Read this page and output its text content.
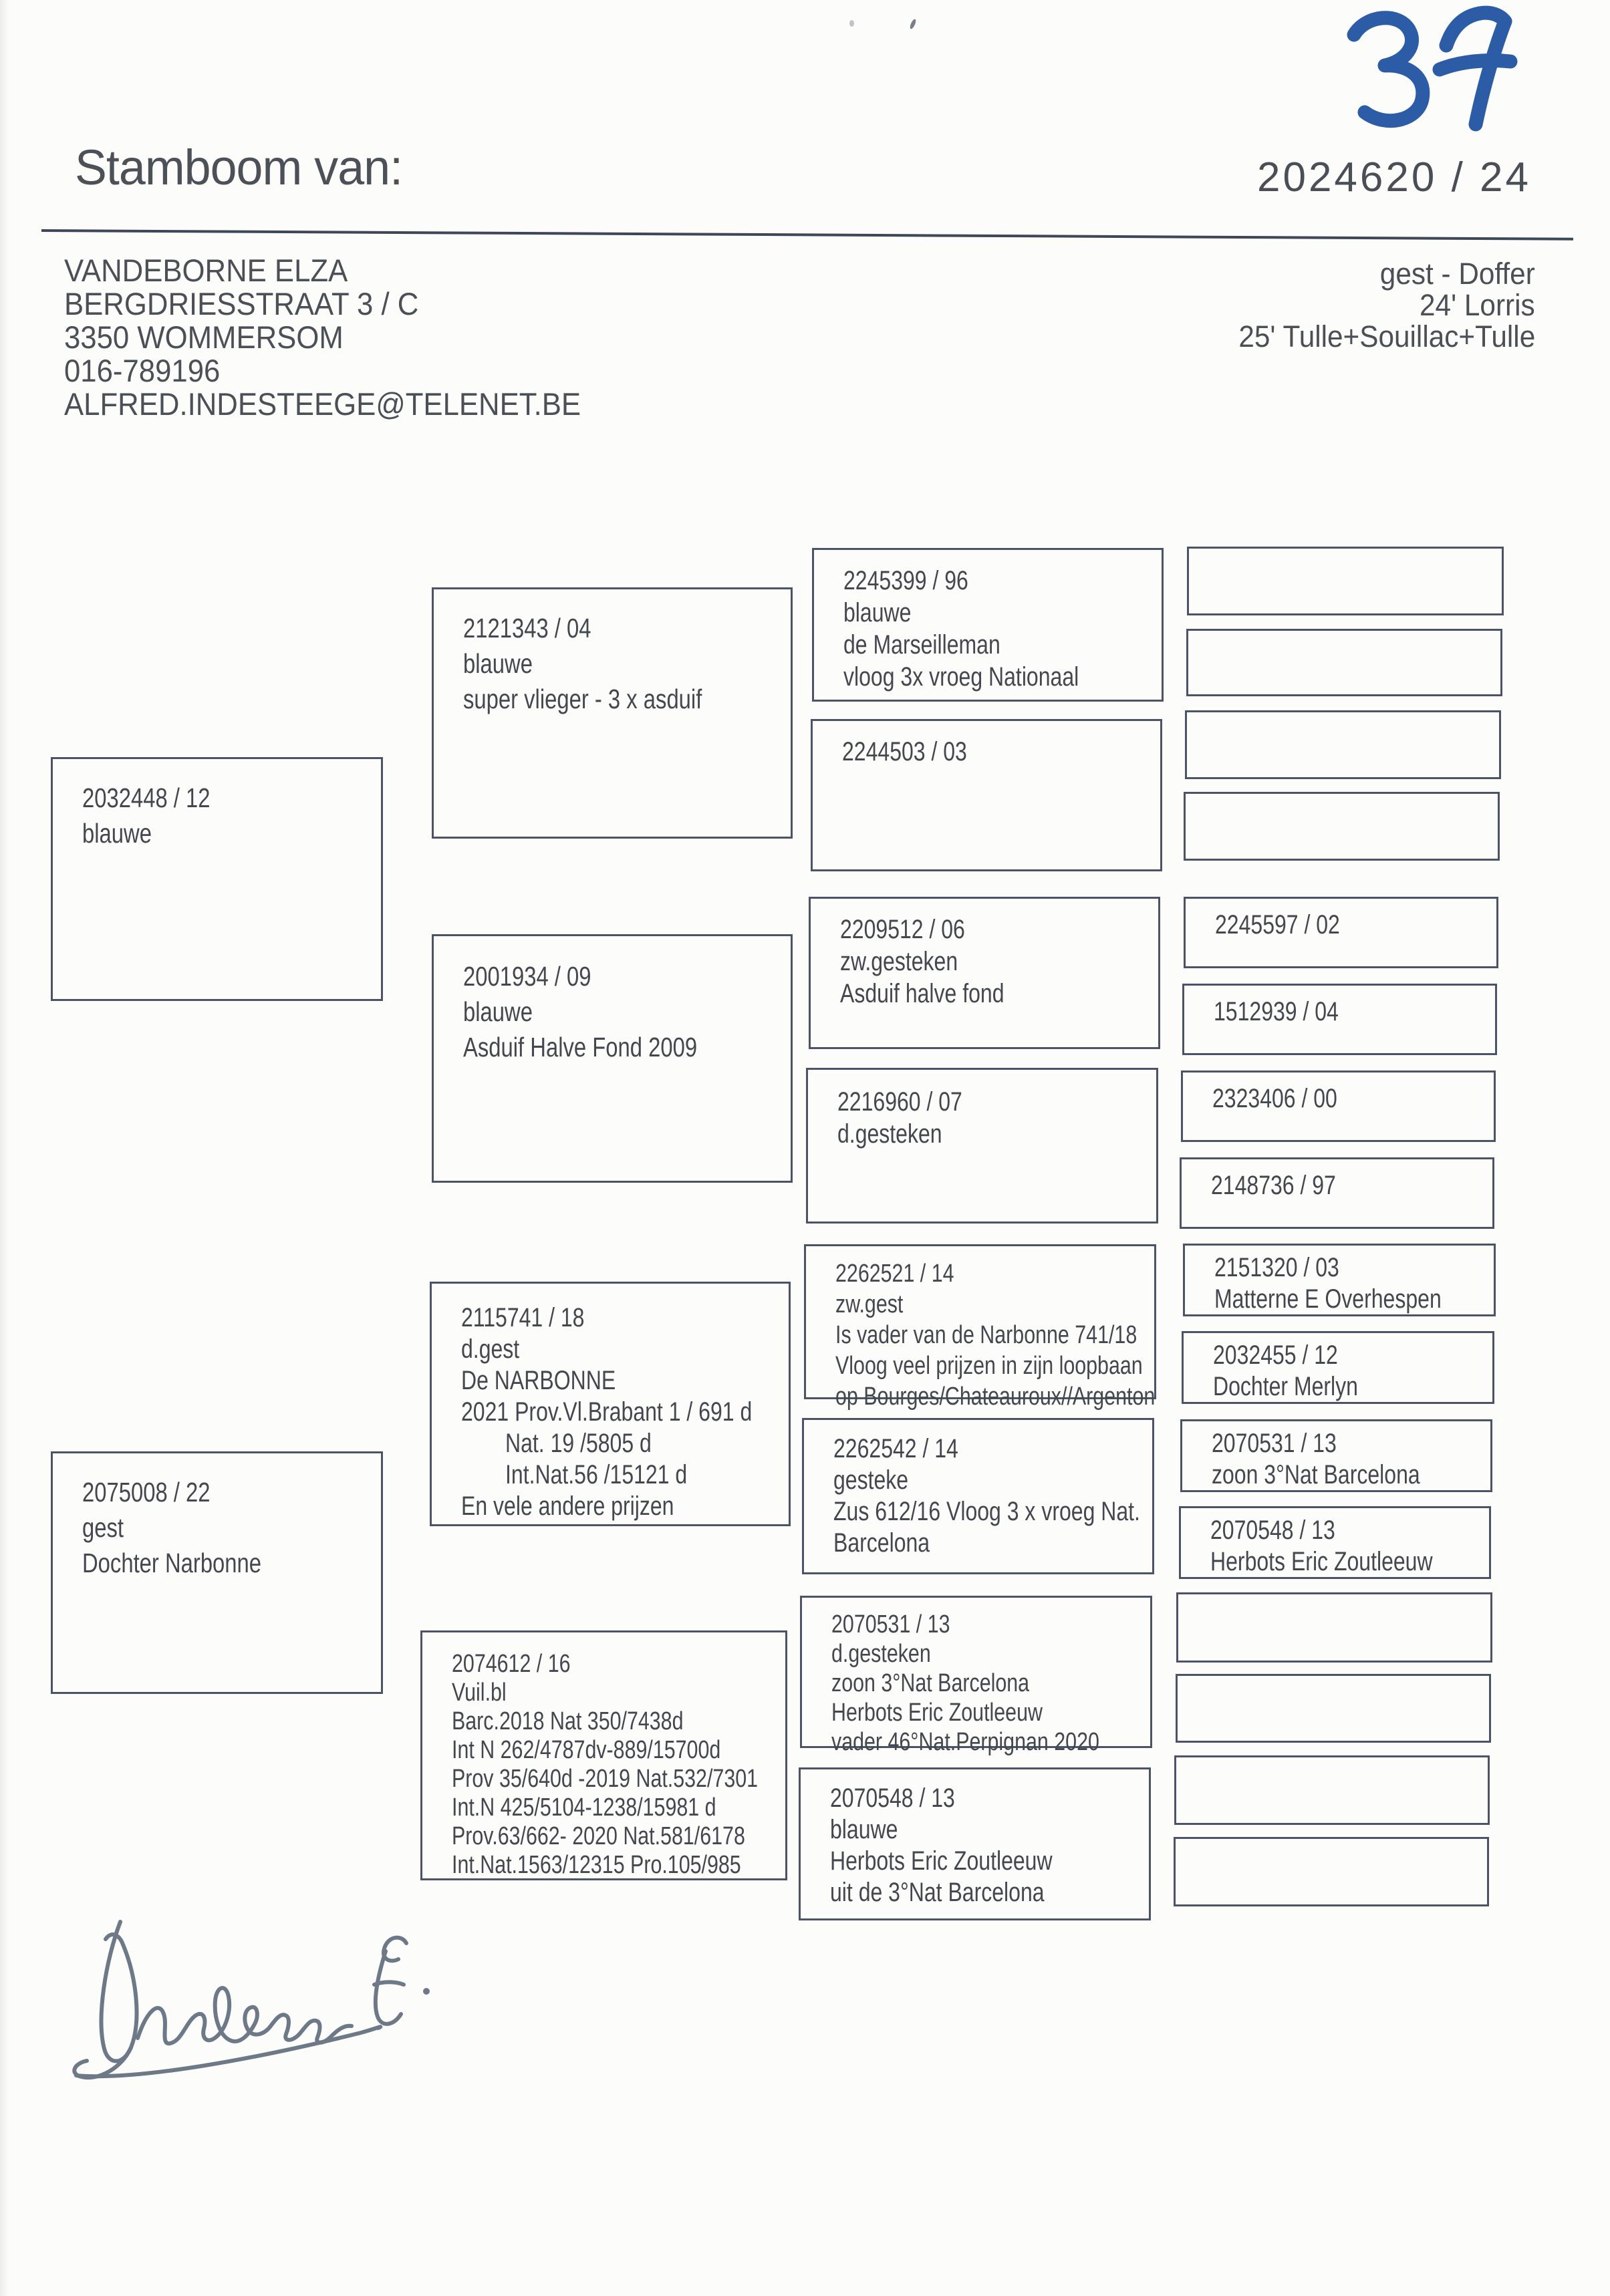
Stamboom van:	2024620 / 24
VANDEBORNE ELZA
BERGDRIESSTRAAT 3 / C
3350 WOMMERSOM
016-789196
ALFRED.INDESTEEGE@TELENET.BE
gest - Doffer
24' Lorris
25' Tulle+Souillac+Tulle
2032448 / 12
blauwe
2075008 / 22
gest
Dochter Narbonne
2121343 / 04
blauwe
super vlieger - 3 x asduif
2001934 / 09
blauwe
Asduif Halve Fond 2009
2115741 / 18
d.gest
De NARBONNE
2021 Prov.Vl.Brabant 1 / 691 d
Nat. 19 /5805 d
Int.Nat.56 /15121 d
En vele andere prijzen
2074612 / 16
Vuil.bl
Barc.2018 Nat 350/7438d
Int N 262/4787dv-889/15700d
Prov 35/640d -2019 Nat.532/7301
Int.N 425/5104-1238/15981 d
Prov.63/662- 2020 Nat.581/6178
Int.Nat.1563/12315 Pro.105/985
2245399 / 96
blauwe
de Marseilleman
vloog 3x vroeg Nationaal
2244503 / 03
2209512 / 06
zw.gesteken
Asduif halve fond
2216960 / 07
d.gesteken
2262521 / 14
zw.gest
Is vader van de Narbonne 741/18
Vloog veel prijzen in zijn loopbaan
op Bourges/Chateauroux//Argenton
2262542 / 14
gesteke
Zus 612/16 Vloog 3 x vroeg Nat.
Barcelona
2070531 / 13
d.gesteken
zoon 3°Nat Barcelona
Herbots Eric Zoutleeuw
vader 46°Nat.Perpignan 2020
2070548 / 13
blauwe
Herbots Eric Zoutleeuw
uit de 3°Nat Barcelona
2245597 / 02
1512939 / 04
2323406 / 00
2148736 / 97
2151320 / 03
Matterne E Overhespen
2032455 / 12
Dochter Merlyn
2070531 / 13
zoon 3°Nat Barcelona
2070548 / 13
Herbots Eric Zoutleeuw
